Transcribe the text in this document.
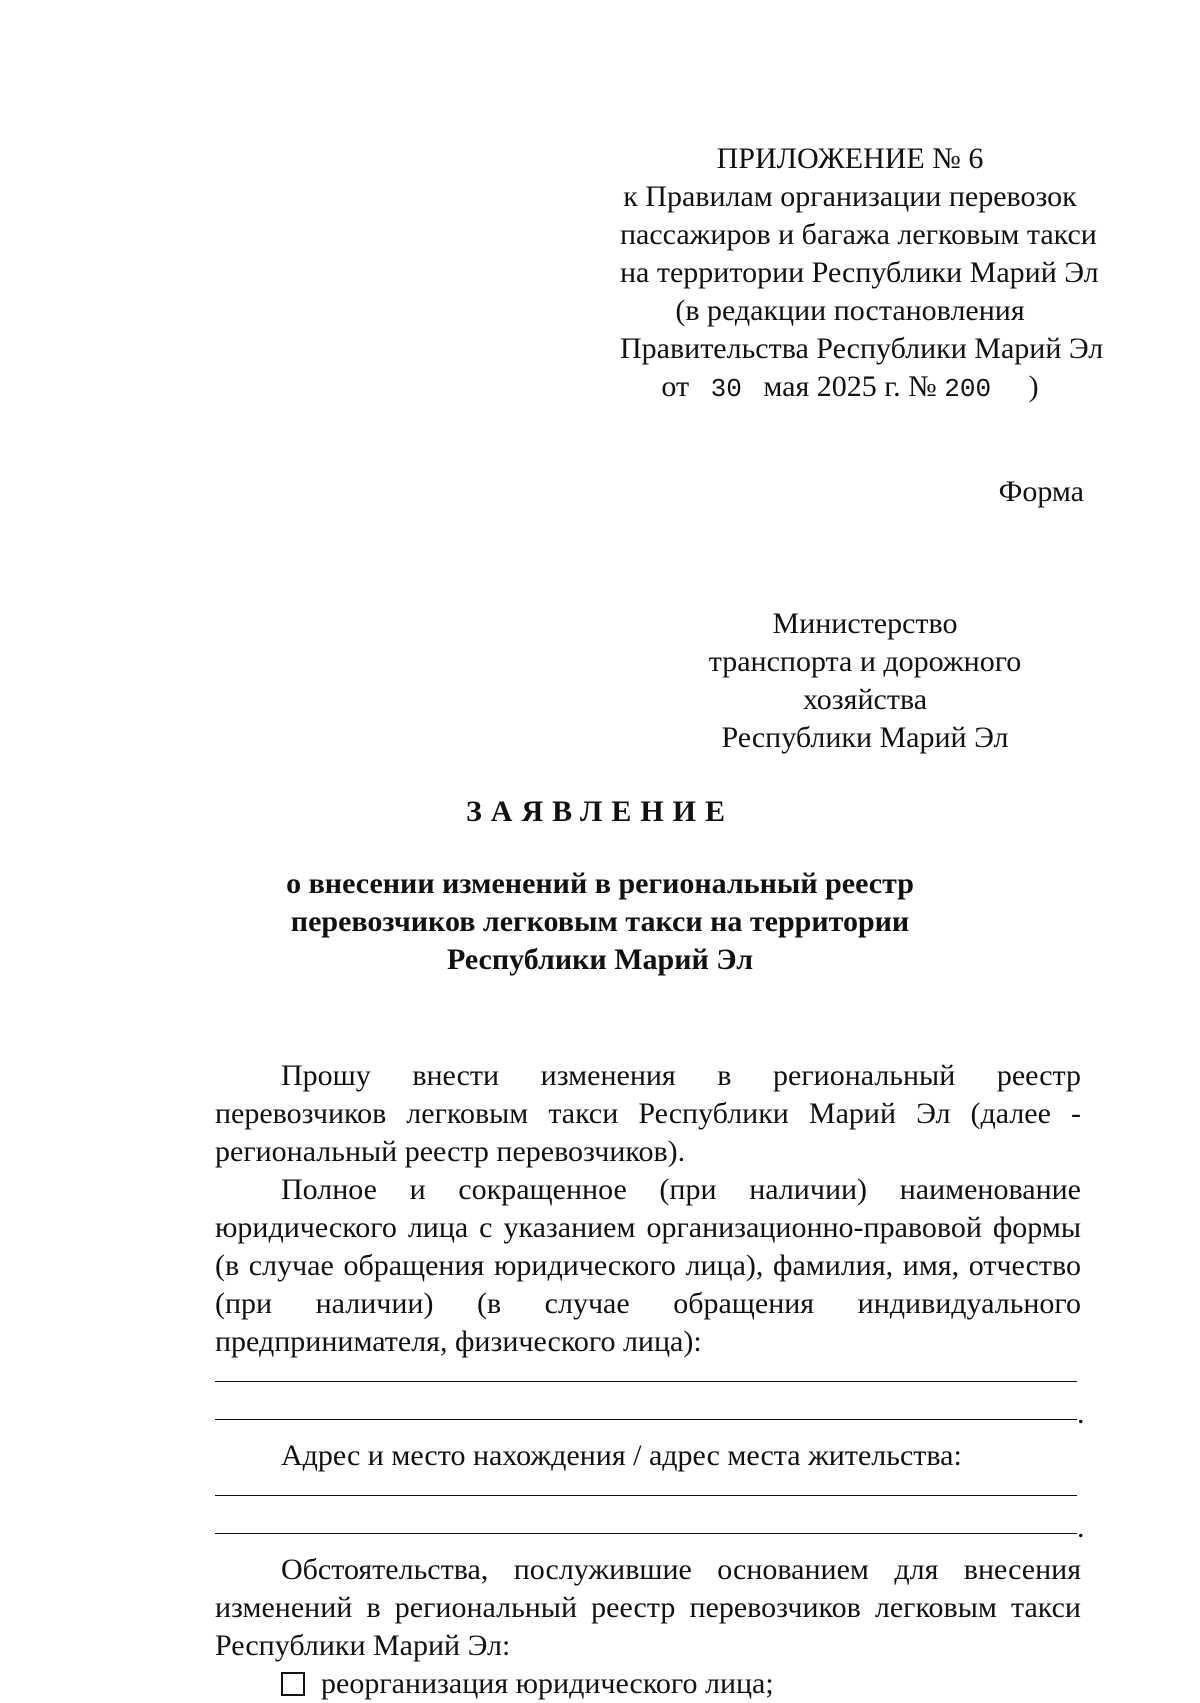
ПРИЛОЖЕНИЕ № 6
к Правилам организации перевозок
пассажиров и багажа легковым такси
на территории Республики Марий Эл
(в редакции постановления
Правительства Республики Марий Эл
от 30 мая 2025 г. № 200 )
Форма
Министерство
транспорта и дорожного хозяйства
Республики Марий Эл
ЗАЯВЛЕНИЕ
о внесении изменений в региональный реестр
перевозчиков легковым такси на территории
Республики Марий Эл

Прошу внести изменения в региональный реестр перевозчиков легковым такси Республики Марий Эл (далее - региональный реестр перевозчиков).

Полное и сокращенное (при наличии) наименование юридического лица с указанием организационно-правовой формы (в случае обращения юридического лица), фамилия, имя, отчество (при наличии) (в случае обращения индивидуального предпринимателя, физического лица):

.

Адрес и место нахождения / адрес места жительства:

.

Обстоятельства, послужившие основанием для внесения изменений в региональный реестр перевозчиков легковым такси Республики Марий Эл:

реорганизация юридического лица;
